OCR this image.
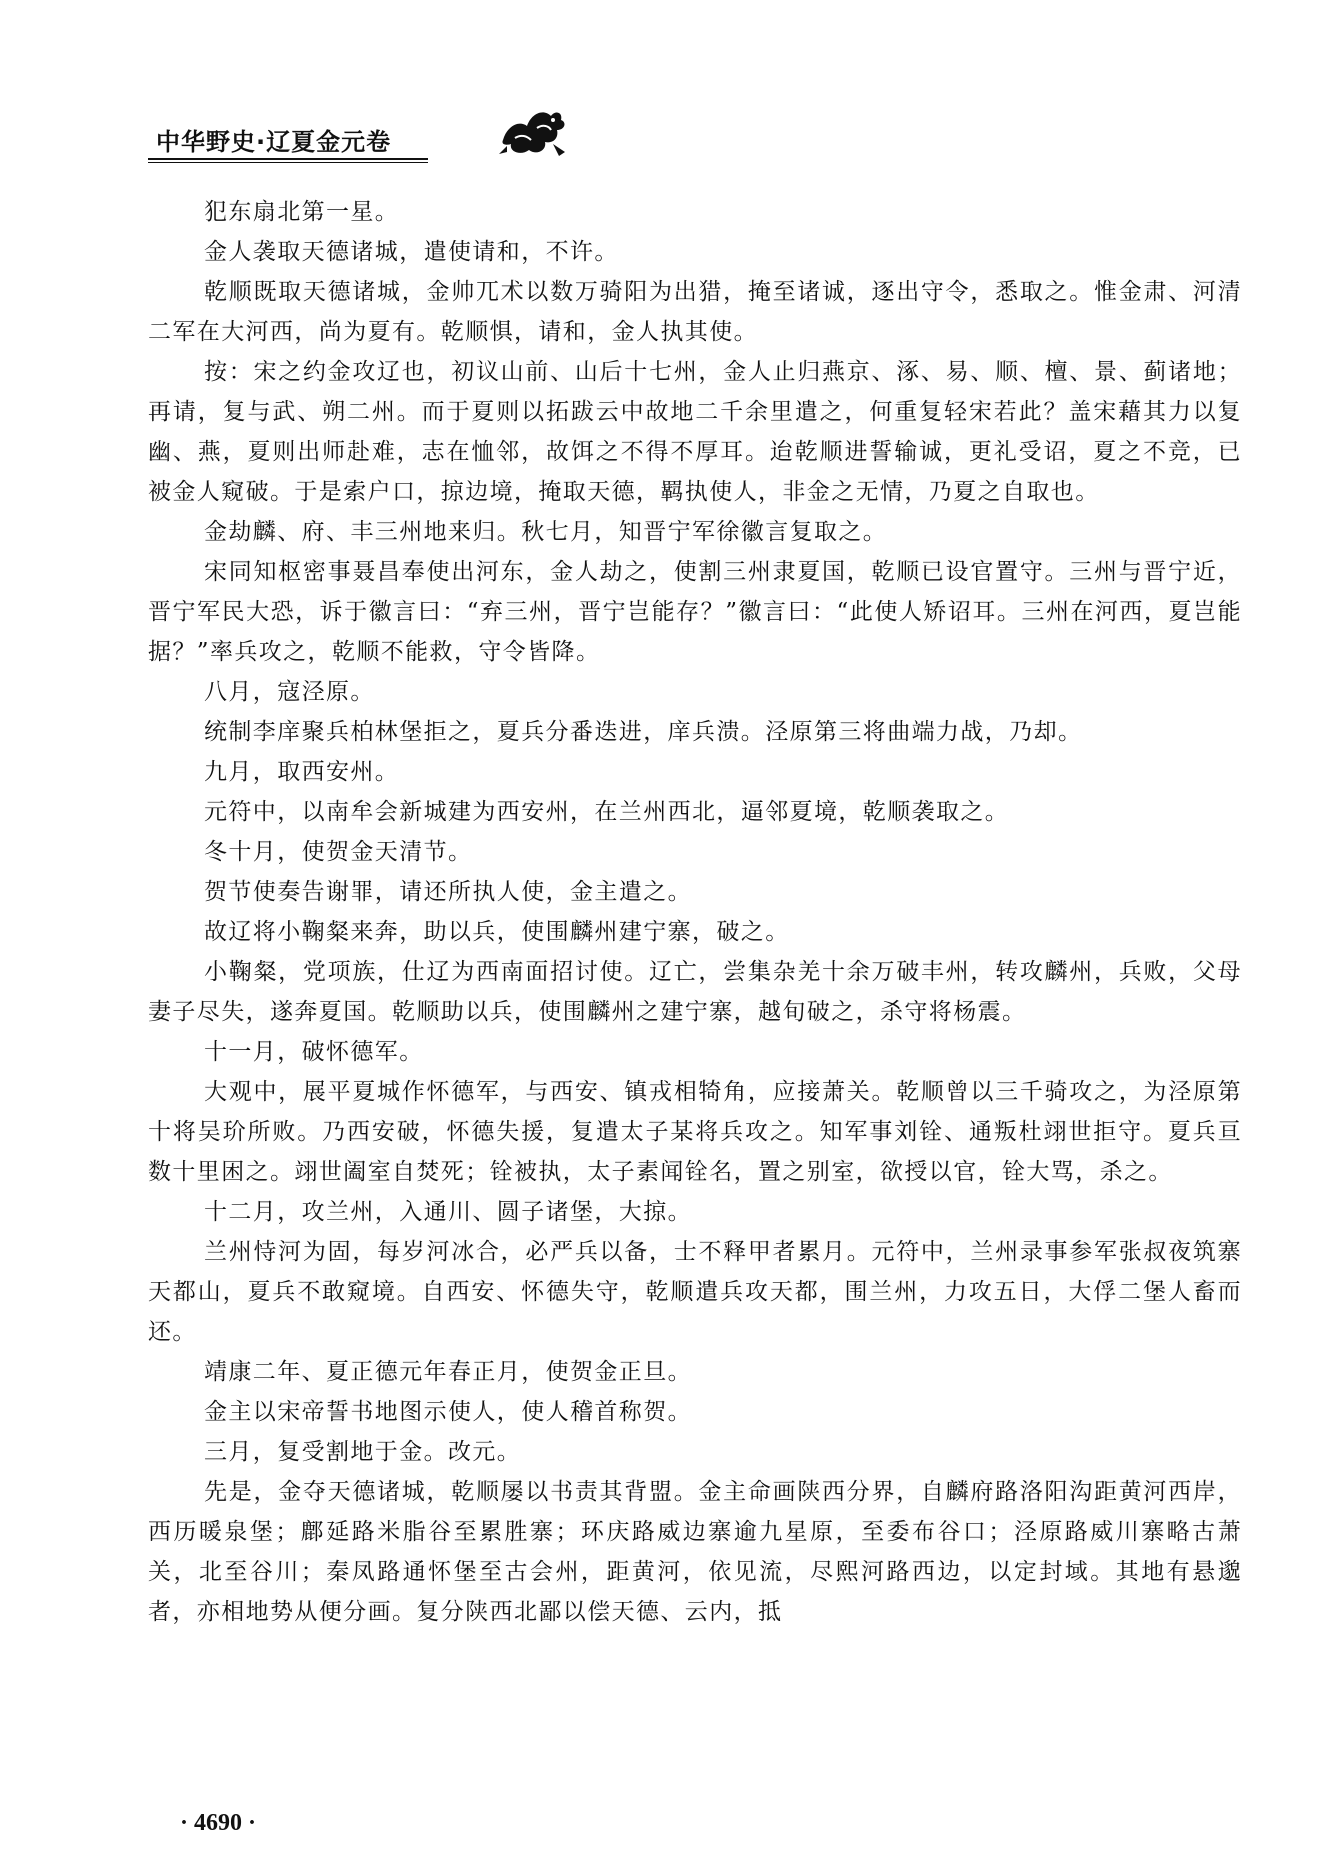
中华野史·辽夏金元卷

犯东扇北第一星。

金人袭取天德诸城，遣使请和，不许。

乾顺既取天德诸城，金帅兀术以数万骑阳为出猎，掩至诸诚，逐出守令，悉取之。惟金肃、河清二军在大河西，尚为夏有。乾顺惧，请和，金人执其使。

按：宋之约金攻辽也，初议山前、山后十七州，金人止归燕京、涿、易、顺、檀、景、蓟诸地；再请，复与武、朔二州。而于夏则以拓跋云中故地二千余里遣之，何重复轻宋若此？盖宋藉其力以复幽、燕，夏则出师赴难，志在恤邻，故饵之不得不厚耳。迨乾顺进誓输诚，更礼受诏，夏之不竞，已被金人窥破。于是索户口，掠边境，掩取天德，羁执使人，非金之无情，乃夏之自取也。

金劫麟、府、丰三州地来归。秋七月，知晋宁军徐徽言复取之。

宋同知枢密事聂昌奉使出河东，金人劫之，使割三州隶夏国，乾顺已设官置守。三州与晋宁近，晋宁军民大恐，诉于徽言曰：“弃三州，晋宁岂能存？”徽言曰：“此使人矫诏耳。三州在河西，夏岂能据？”率兵攻之，乾顺不能救，守令皆降。

八月，寇泾原。

统制李庠聚兵柏林堡拒之，夏兵分番迭进，庠兵溃。泾原第三将曲端力战，乃却。

九月，取西安州。

元符中，以南牟会新城建为西安州，在兰州西北，逼邻夏境，乾顺袭取之。

冬十月，使贺金天清节。

贺节使奏告谢罪，请还所执人使，金主遣之。

故辽将小鞠粲来奔，助以兵，使围麟州建宁寨，破之。

小鞠粲，党项族，仕辽为西南面招讨使。辽亡，尝集杂羌十余万破丰州，转攻麟州，兵败，父母妻子尽失，遂奔夏国。乾顺助以兵，使围麟州之建宁寨，越旬破之，杀守将杨震。

十一月，破怀德军。

大观中，展平夏城作怀德军，与西安、镇戎相犄角，应接萧关。乾顺曾以三千骑攻之，为泾原第十将吴玠所败。乃西安破，怀德失援，复遣太子某将兵攻之。知军事刘铨、通叛杜翊世拒守。夏兵亘数十里困之。翊世阖室自焚死；铨被执，太子素闻铨名，置之别室，欲授以官，铨大骂，杀之。

十二月，攻兰州，入通川、圆子诸堡，大掠。

兰州恃河为固，每岁河冰合，必严兵以备，士不释甲者累月。元符中，兰州录事参军张叔夜筑寨天都山，夏兵不敢窥境。自西安、怀德失守，乾顺遣兵攻天都，围兰州，力攻五日，大俘二堡人畜而还。

靖康二年、夏正德元年春正月，使贺金正旦。

金主以宋帝誓书地图示使人，使人稽首称贺。

三月，复受割地于金。改元。

先是，金夺天德诸城，乾顺屡以书责其背盟。金主命画陕西分界，自麟府路洛阳沟距黄河西岸，西历暖泉堡；鄜延路米脂谷至累胜寨；环庆路威边寨逾九星原，至委布谷口；泾原路威川寨略古萧关，北至谷川；秦凤路通怀堡至古会州，距黄河，依见流，尽熙河路西边，以定封域。其地有悬邈者，亦相地势从便分画。复分陕西北鄙以偿天德、云内，抵

· 4690 ·
